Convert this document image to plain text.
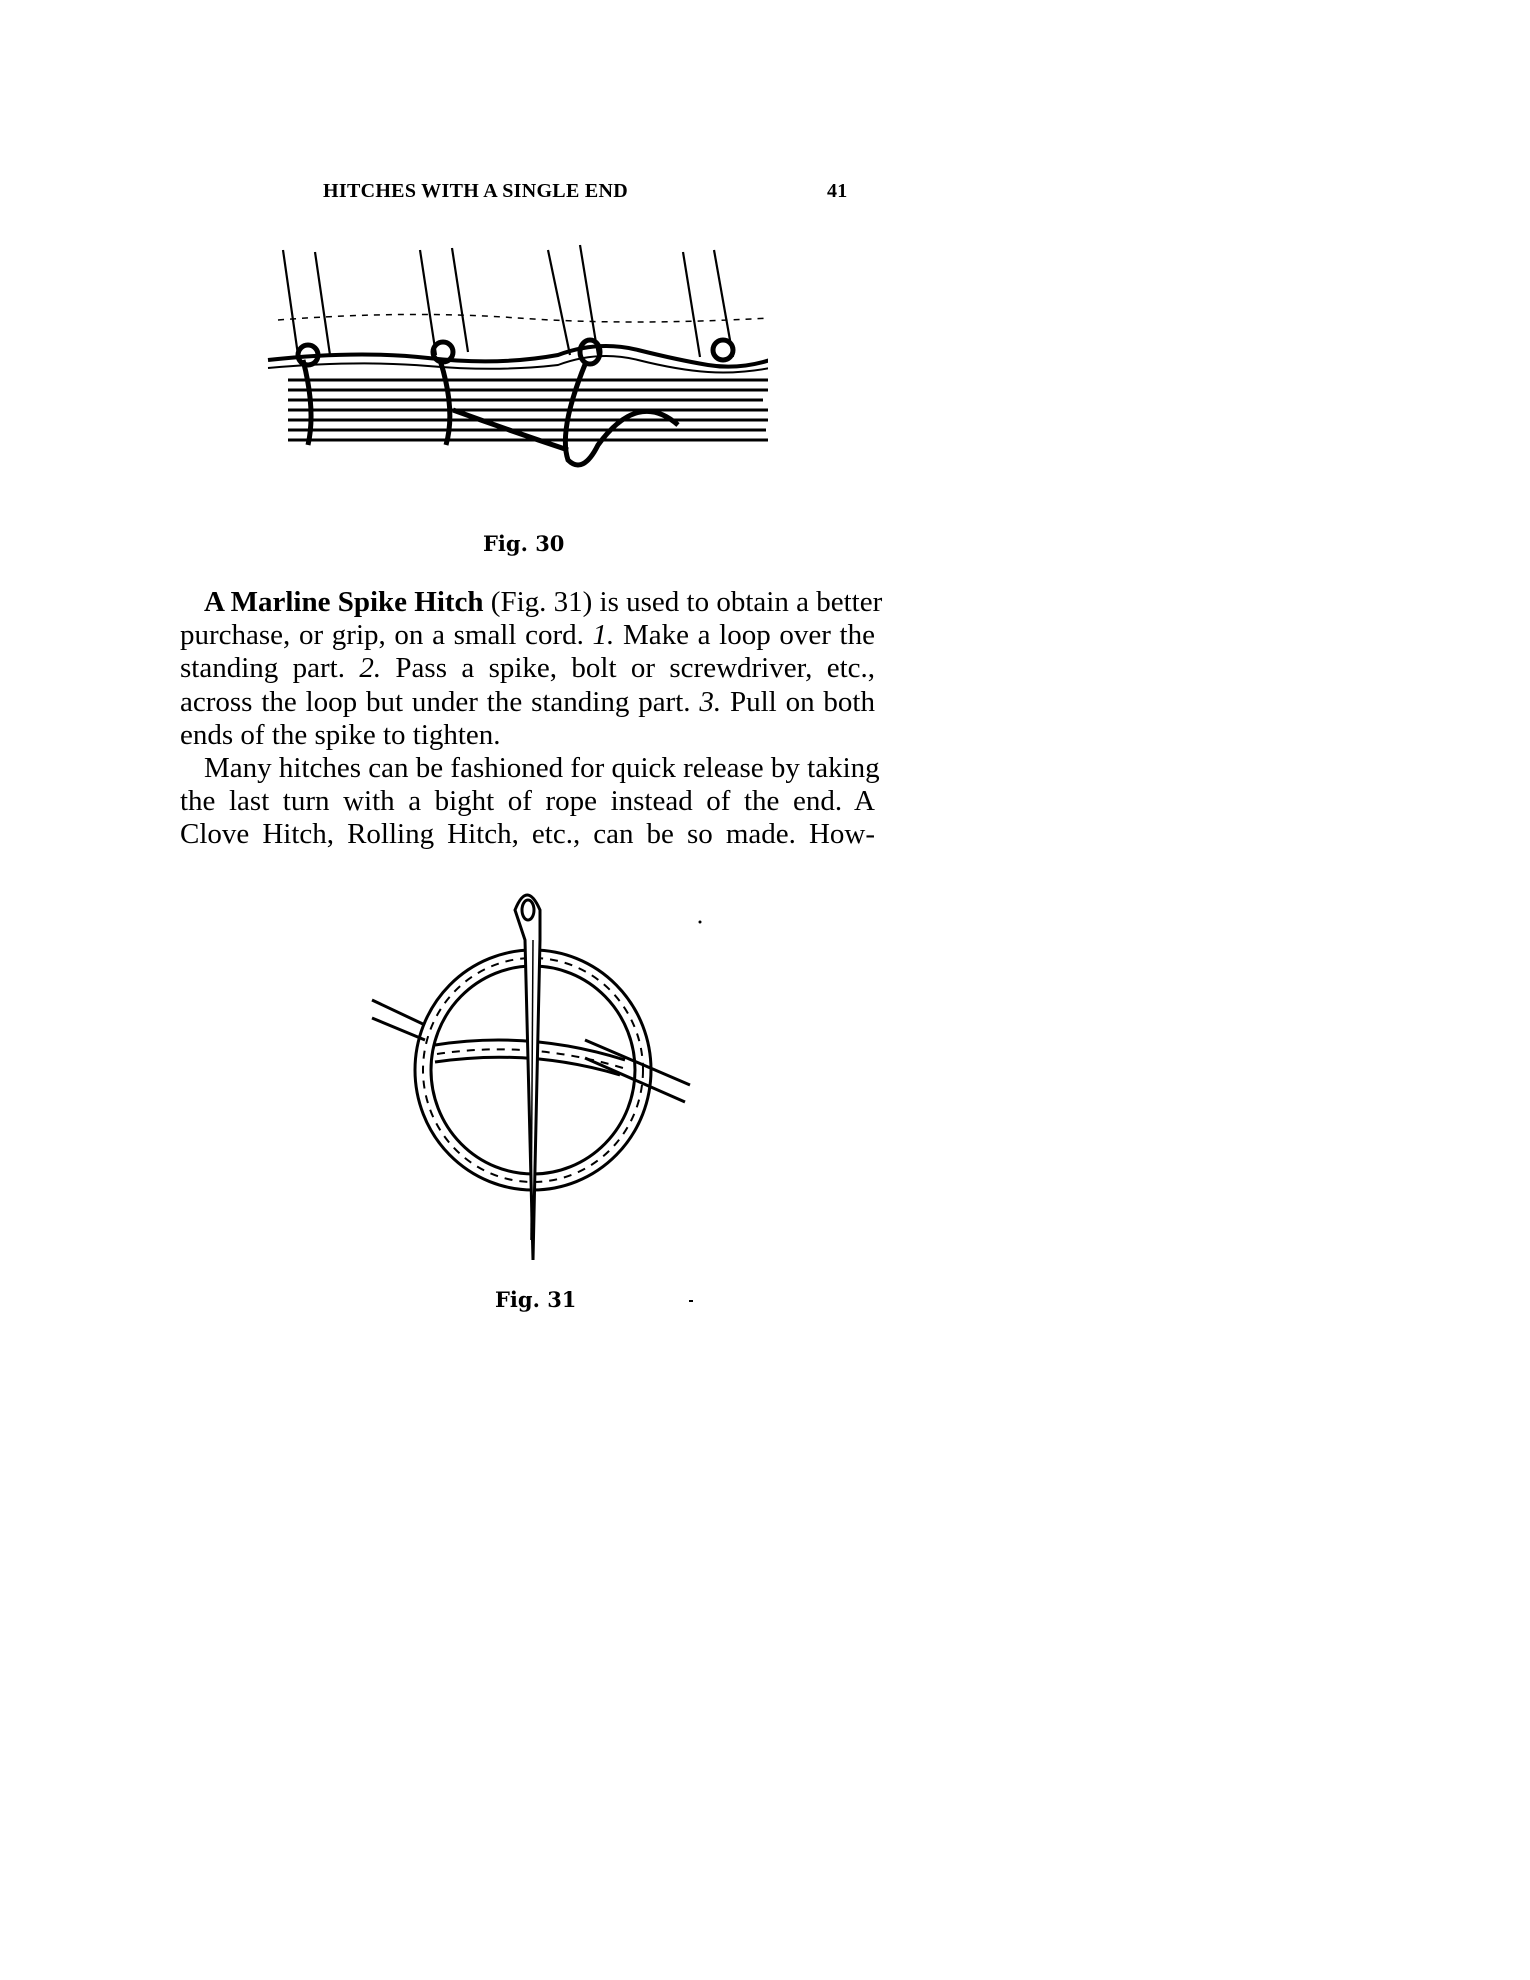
HITCHES WITH A SINGLE END	41
Fig. 30
A Marline Spike Hitch (Fig. 31) is used to obtain a better
purchase, or grip, on a small cord. 1. Make a loop over the
standing part. 2. Pass a spike, bolt or screwdriver, etc.,
across the loop but under the standing part. 3. Pull on both
ends of the spike to tighten.
Many hitches can be fashioned for quick release by taking
the last turn with a bight of rope instead of the end. A
Clove Hitch, Rolling Hitch, etc., can be so made. How-
Fig. 31
